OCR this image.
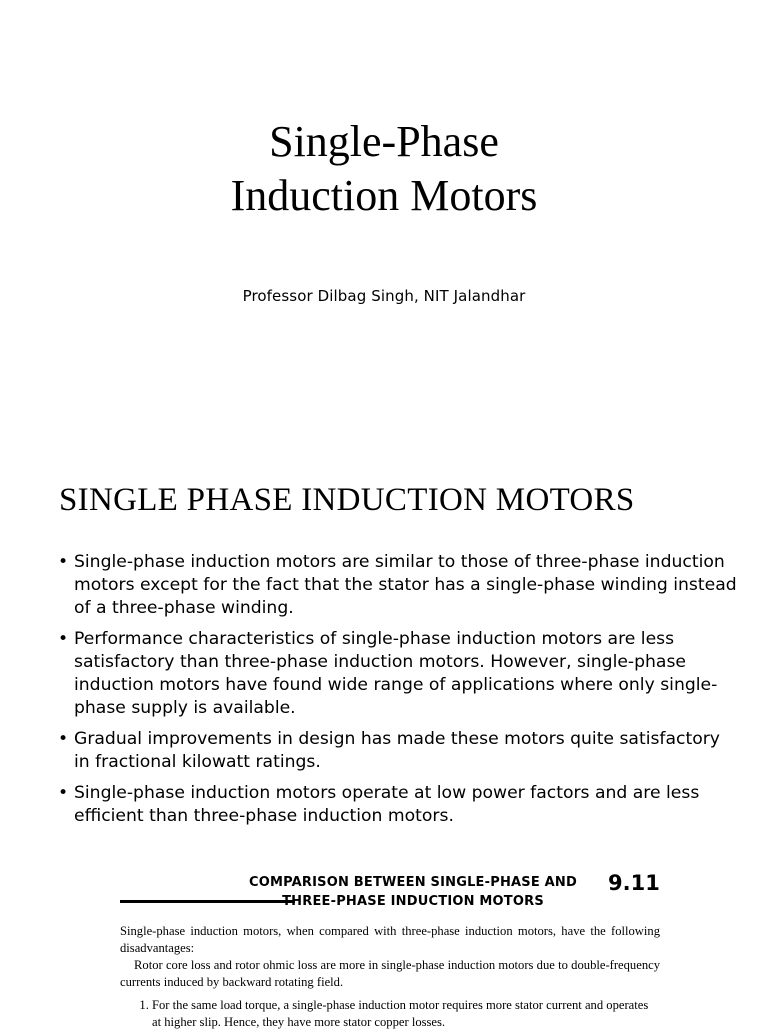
Single-Phase
Induction Motors
Professor Dilbag Singh, NIT Jalandhar
SINGLE PHASE INDUCTION MOTORS
• Single-phase induction motors are similar to those of three-phase induction motors except for the fact that the stator has a single-phase winding instead of a three-phase winding.
• Performance characteristics of single-phase induction motors are less satisfactory than three-phase induction motors. However, single-phase induction motors have found wide range of applications where only single-phase supply is available.
• Gradual improvements in design has made these motors quite satisfactory in fractional kilowatt ratings.
• Single-phase induction motors operate at low power factors and are less efficient than three-phase induction motors.
COMPARISON BETWEEN SINGLE-PHASE AND
THREE-PHASE INDUCTION MOTORS
9.11

Single-phase induction motors, when compared with three-phase induction motors, have the following disadvantages:

Rotor core loss and rotor ohmic loss are more in single-phase induction motors due to double-frequency currents induced by backward rotating field.

1. For the same load torque, a single-phase induction motor requires more stator current and operates at higher slip. Hence, they have more stator copper losses.
